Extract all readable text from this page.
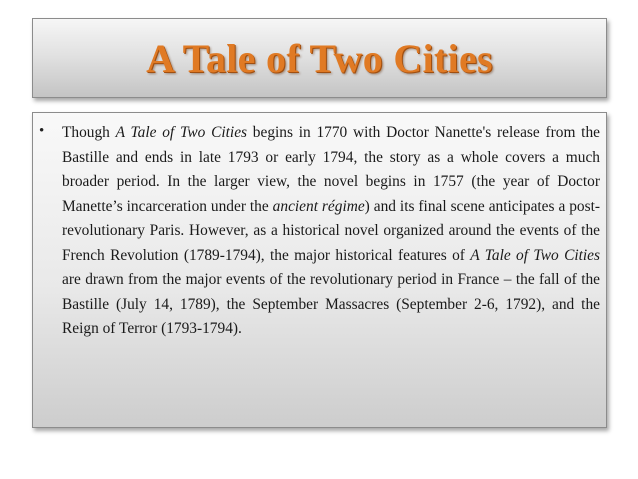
A Tale of Two Cities
• Though A Tale of Two Cities begins in 1770 with Doctor Nanette's release from the Bastille and ends in late 1793 or early 1794, the story as a whole covers a much broader period. In the larger view, the novel begins in 1757 (the year of Doctor Manette’s incarceration under the ancient régime) and its final scene anticipates a post-revolutionary Paris. However, as a historical novel organized around the events of the French Revolution (1789-1794), the major historical features of A Tale of Two Cities are drawn from the major events of the revolutionary period in France – the fall of the Bastille (July 14, 1789), the September Massacres (September 2-6, 1792), and the Reign of Terror (1793-1794).
